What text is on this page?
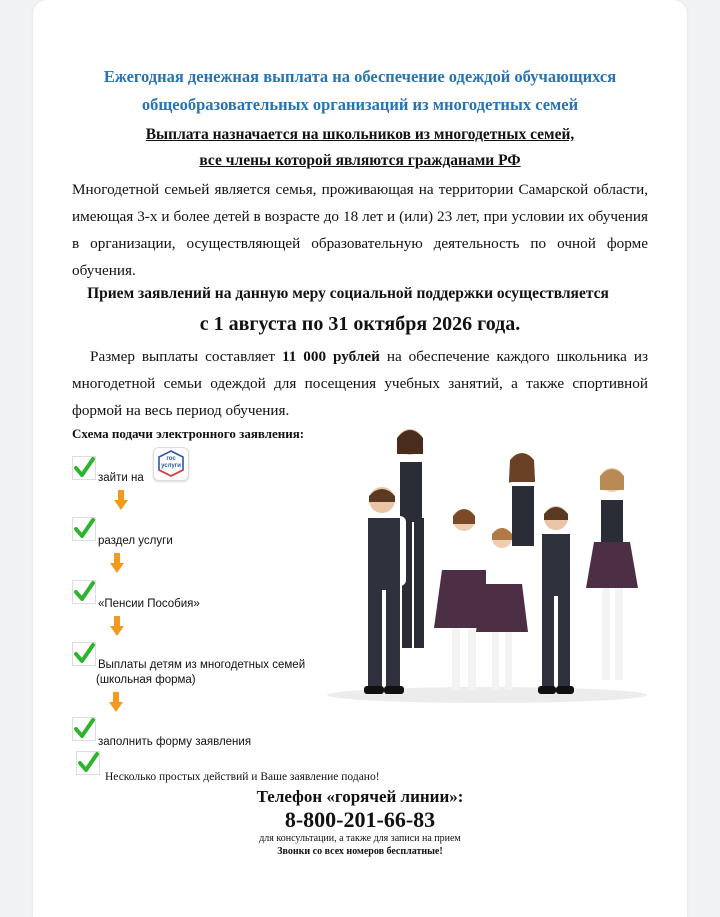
Ежегодная денежная выплата на обеспечение одеждой обучающихся
общеобразовательных организаций из многодетных семей
Выплата назначается на школьников из многодетных семей,
все члены которой являются гражданами РФ
Многодетной семьей является семья, проживающая на территории Самарской области,
имеющая 3-х и более детей в возрасте до 18 лет и (или) 23 лет, при условии их обучения
в организации, осуществляющей образовательную деятельность по очной форме
обучения.
Прием заявлений на данную меру социальной поддержки осуществляется
с 1 августа по 31 октября 2026 года.
Размер выплаты составляет 11 000 рублей на обеспечение каждого школьника из
многодетной семьи одеждой для посещения учебных занятий, а также спортивной
формой на весь период обучения.
Схема подачи электронного заявления:
зайти на
гос
услуги
раздел услуги
«Пенсии Пособия»
Выплаты детям из многодетных семей
(школьная форма)
заполнить форму заявления
Несколько простых действий и Ваше заявление подано!
Телефон «горячей линии»:
8-800-201-66-83
для консультации, а также для записи на прием
Звонки со всех номеров бесплатные!
